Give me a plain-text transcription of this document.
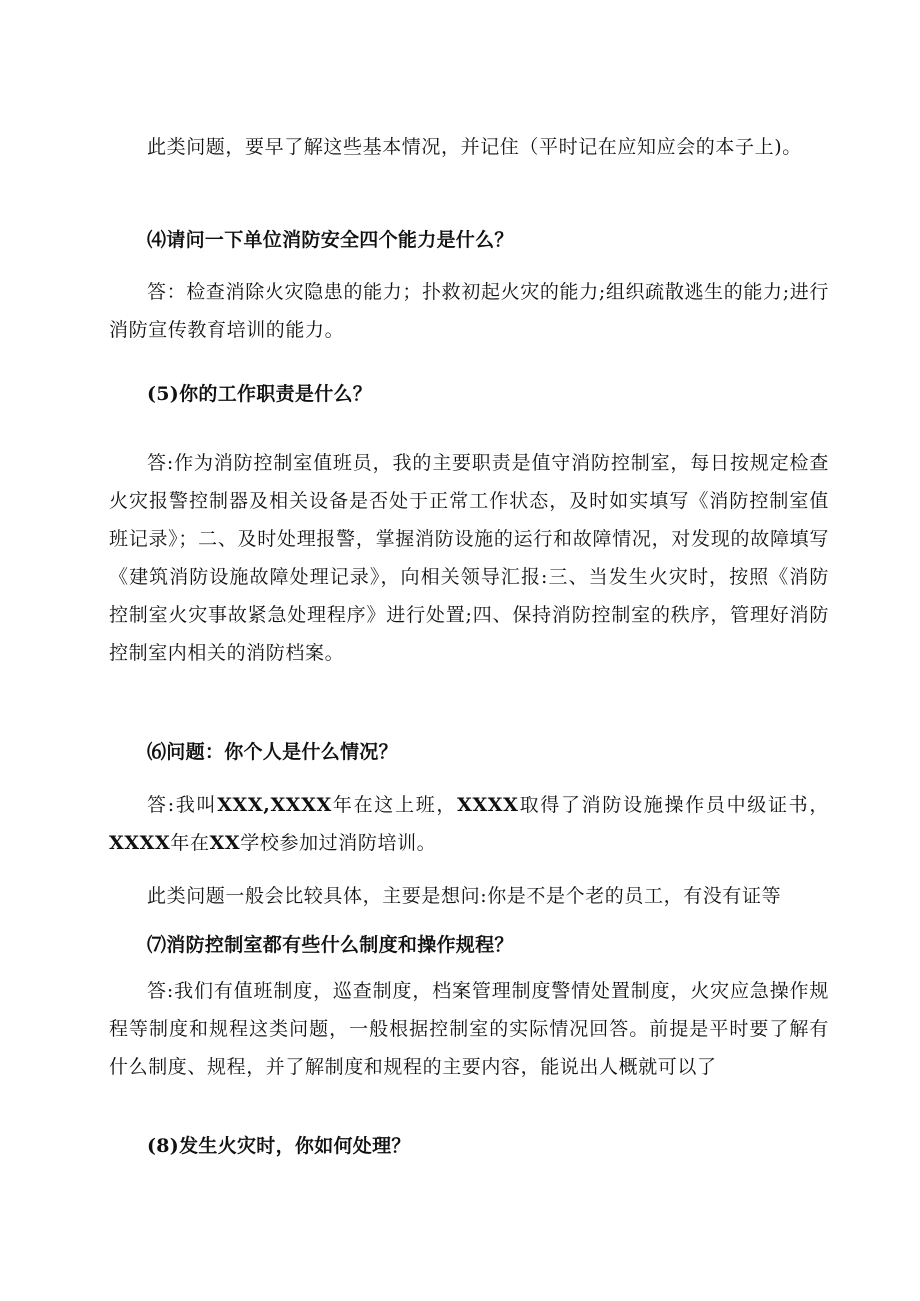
此类问题，要早了解这些基本情况，并记住（平时记在应知应会的本子上)。

⑷请问一下单位消防安全四个能力是什么？

答：检查消除火灾隐患的能力；扑救初起火灾的能力;组织疏散逃生的能力;进行消防宣传教育培训的能力。

(5)你的工作职责是什么？

答:作为消防控制室值班员，我的主要职责是值守消防控制室，每日按规定检查火灾报警控制器及相关设备是否处于正常工作状态，及时如实填写《消防控制室值班记录》；二、及时处理报警，掌握消防设施的运行和故障情况，对发现的故障填写《建筑消防设施故障处理记录》，向相关领导汇报:三、当发生火灾时，按照《消防控制室火灾事故紧急处理程序》进行处置;四、保持消防控制室的秩序，管理好消防控制室内相关的消防档案。

⑹问题：你个人是什么情况？

答:我叫XXX,XXXX年在这上班，XXXX取得了消防设施操作员中级证书，XXXX年在XX学校参加过消防培训。

此类问题一般会比较具体，主要是想问:你是不是个老的员工，有没有证等

⑺消防控制室都有些什么制度和操作规程？

答:我们有值班制度，巡查制度，档案管理制度警情处置制度，火灾应急操作规程等制度和规程这类问题，一般根据控制室的实际情况回答。前提是平时要了解有什么制度、规程，并了解制度和规程的主要内容，能说出人概就可以了

(8)发生火灾时，你如何处理？
